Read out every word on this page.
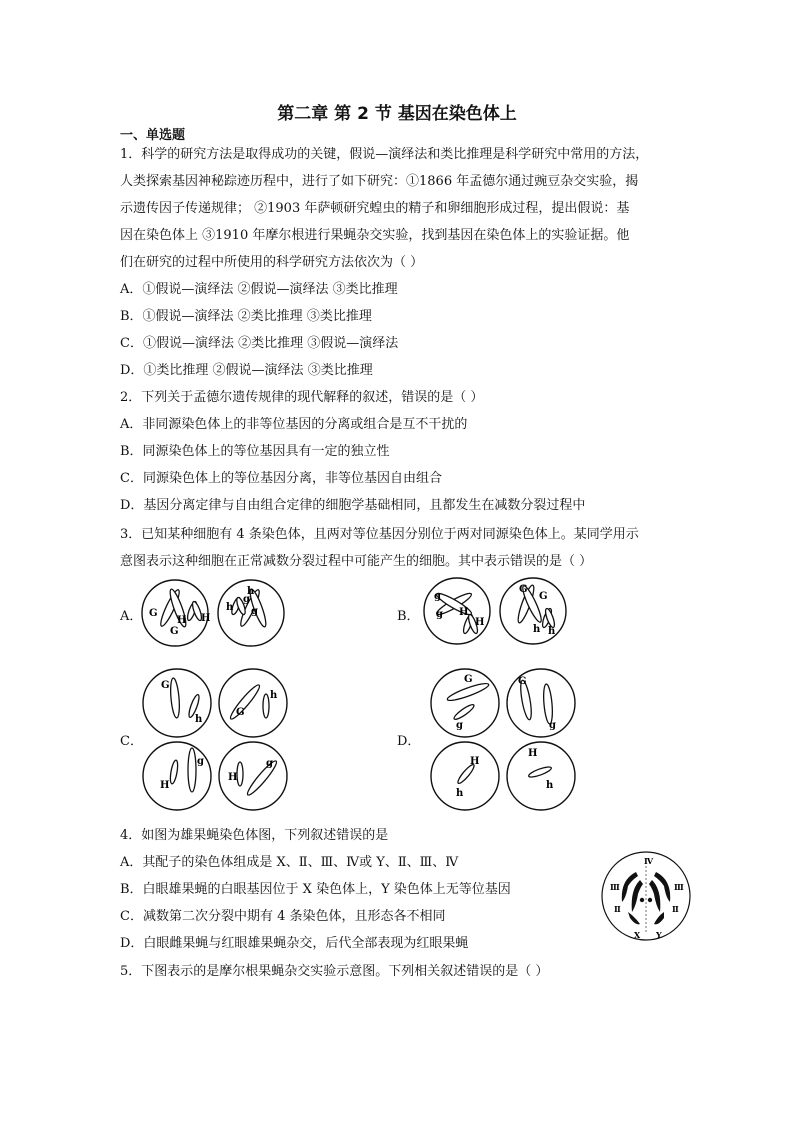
第二章 第 2 节 基因在染色体上
一、单选题
1．科学的研究方法是取得成功的关键，假说—演绎法和类比推理是科学研究中常用的方法，
人类探索基因神秘踪迹历程中，进行了如下研究：①1866 年孟德尔通过豌豆杂交实验，揭
示遗传因子传递规律； ②1903 年萨顿研究蝗虫的精子和卵细胞形成过程，提出假说：基
因在染色体上 ③1910 年摩尔根进行果蝇杂交实验，找到基因在染色体上的实验证据。他
们在研究的过程中所使用的科学研究方法依次为（ ）
A．①假说—演绎法 ②假说—演绎法 ③类比推理
B．①假说—演绎法 ②类比推理 ③类比推理
C．①假说—演绎法 ②类比推理 ③假说—演绎法
D．①类比推理 ②假说—演绎法 ③类比推理
2．下列关于孟德尔遗传规律的现代解释的叙述，错误的是（ ）
A．非同源染色体上的非等位基因的分离或组合是互不干扰的
B．同源染色体上的等位基因具有一定的独立性
C．同源染色体上的等位基因分离，非等位基因自由组合
D．基因分离定律与自由组合定律的细胞学基础相同，且都发生在减数分裂过程中
3．已知某种细胞有 4 条染色体，且两对等位基因分别位于两对同源染色体上。某同学用示
意图表示这种细胞在正常减数分裂过程中可能产生的细胞。其中表示错误的是（ ）
A．	B．
C．	D．
G
G
H H
h
g
g
h	g
g H
H
G
G
h h
G
h
G
h
g
H
g
H
G
g
G
g
H
h
H
h
4．如图为雄果蝇染色体图，下列叙述错误的是
A．其配子的染色体组成是 X、Ⅱ、Ⅲ、Ⅳ或 Y、Ⅱ、Ⅲ、Ⅳ
B．白眼雄果蝇的白眼基因位于 X 染色体上，Y 染色体上无等位基因
C．减数第二次分裂中期有 4 条染色体，且形态各不相同
D．白眼雌果蝇与红眼雄果蝇杂交，后代全部表现为红眼果蝇
Ⅳ
Ⅲ
Ⅱ
Ⅲ
Ⅱ
X Y
5．下图表示的是摩尔根果蝇杂交实验示意图。下列相关叙述错误的是（ ）
